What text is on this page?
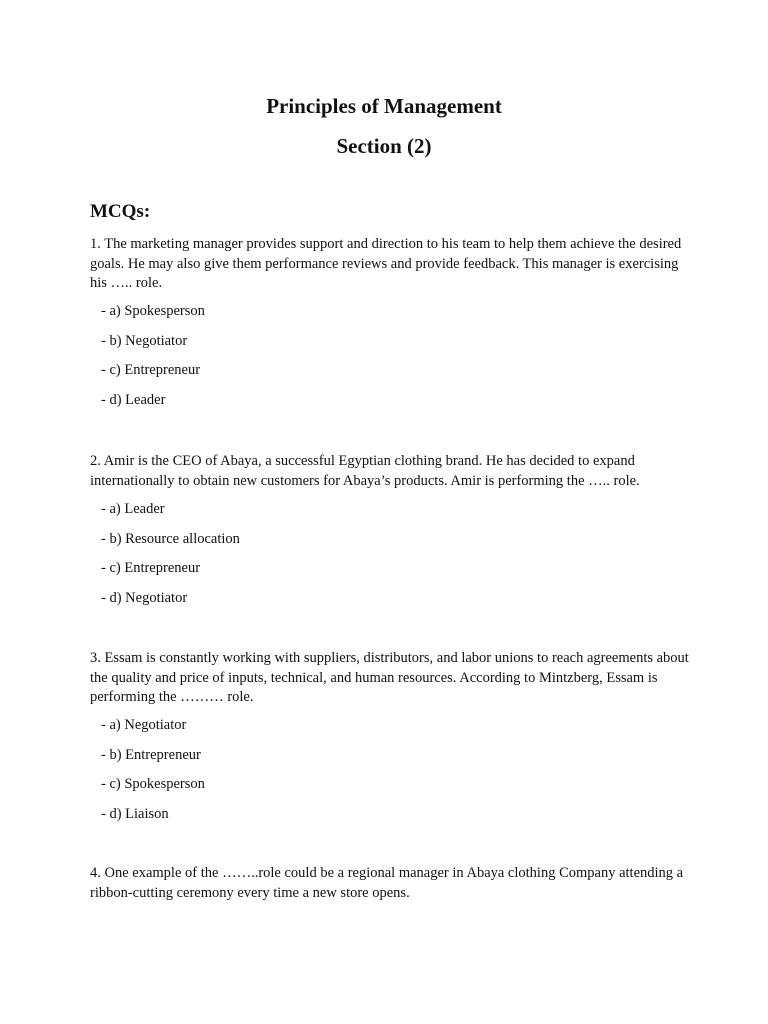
Principles of Management
Section (2)
MCQs:

1. The marketing manager provides support and direction to his team to help them achieve the desired goals. He may also give them performance reviews and provide feedback. This manager is exercising his ….. role.

- a) Spokesperson
- b) Negotiator
- c) Entrepreneur
- d) Leader

2. Amir is the CEO of Abaya, a successful Egyptian clothing brand. He has decided to expand internationally to obtain new customers for Abaya’s products. Amir is performing the ….. role.

- a) Leader
- b) Resource allocation
- c) Entrepreneur
- d) Negotiator

3. Essam is constantly working with suppliers, distributors, and labor unions to reach agreements about the quality and price of inputs, technical, and human resources. According to Mintzberg, Essam is performing the ……… role.

- a) Negotiator
- b) Entrepreneur
- c) Spokesperson
- d) Liaison

4. One example of the ……..role could be a regional manager in Abaya clothing Company attending a ribbon-cutting ceremony every time a new store opens.
